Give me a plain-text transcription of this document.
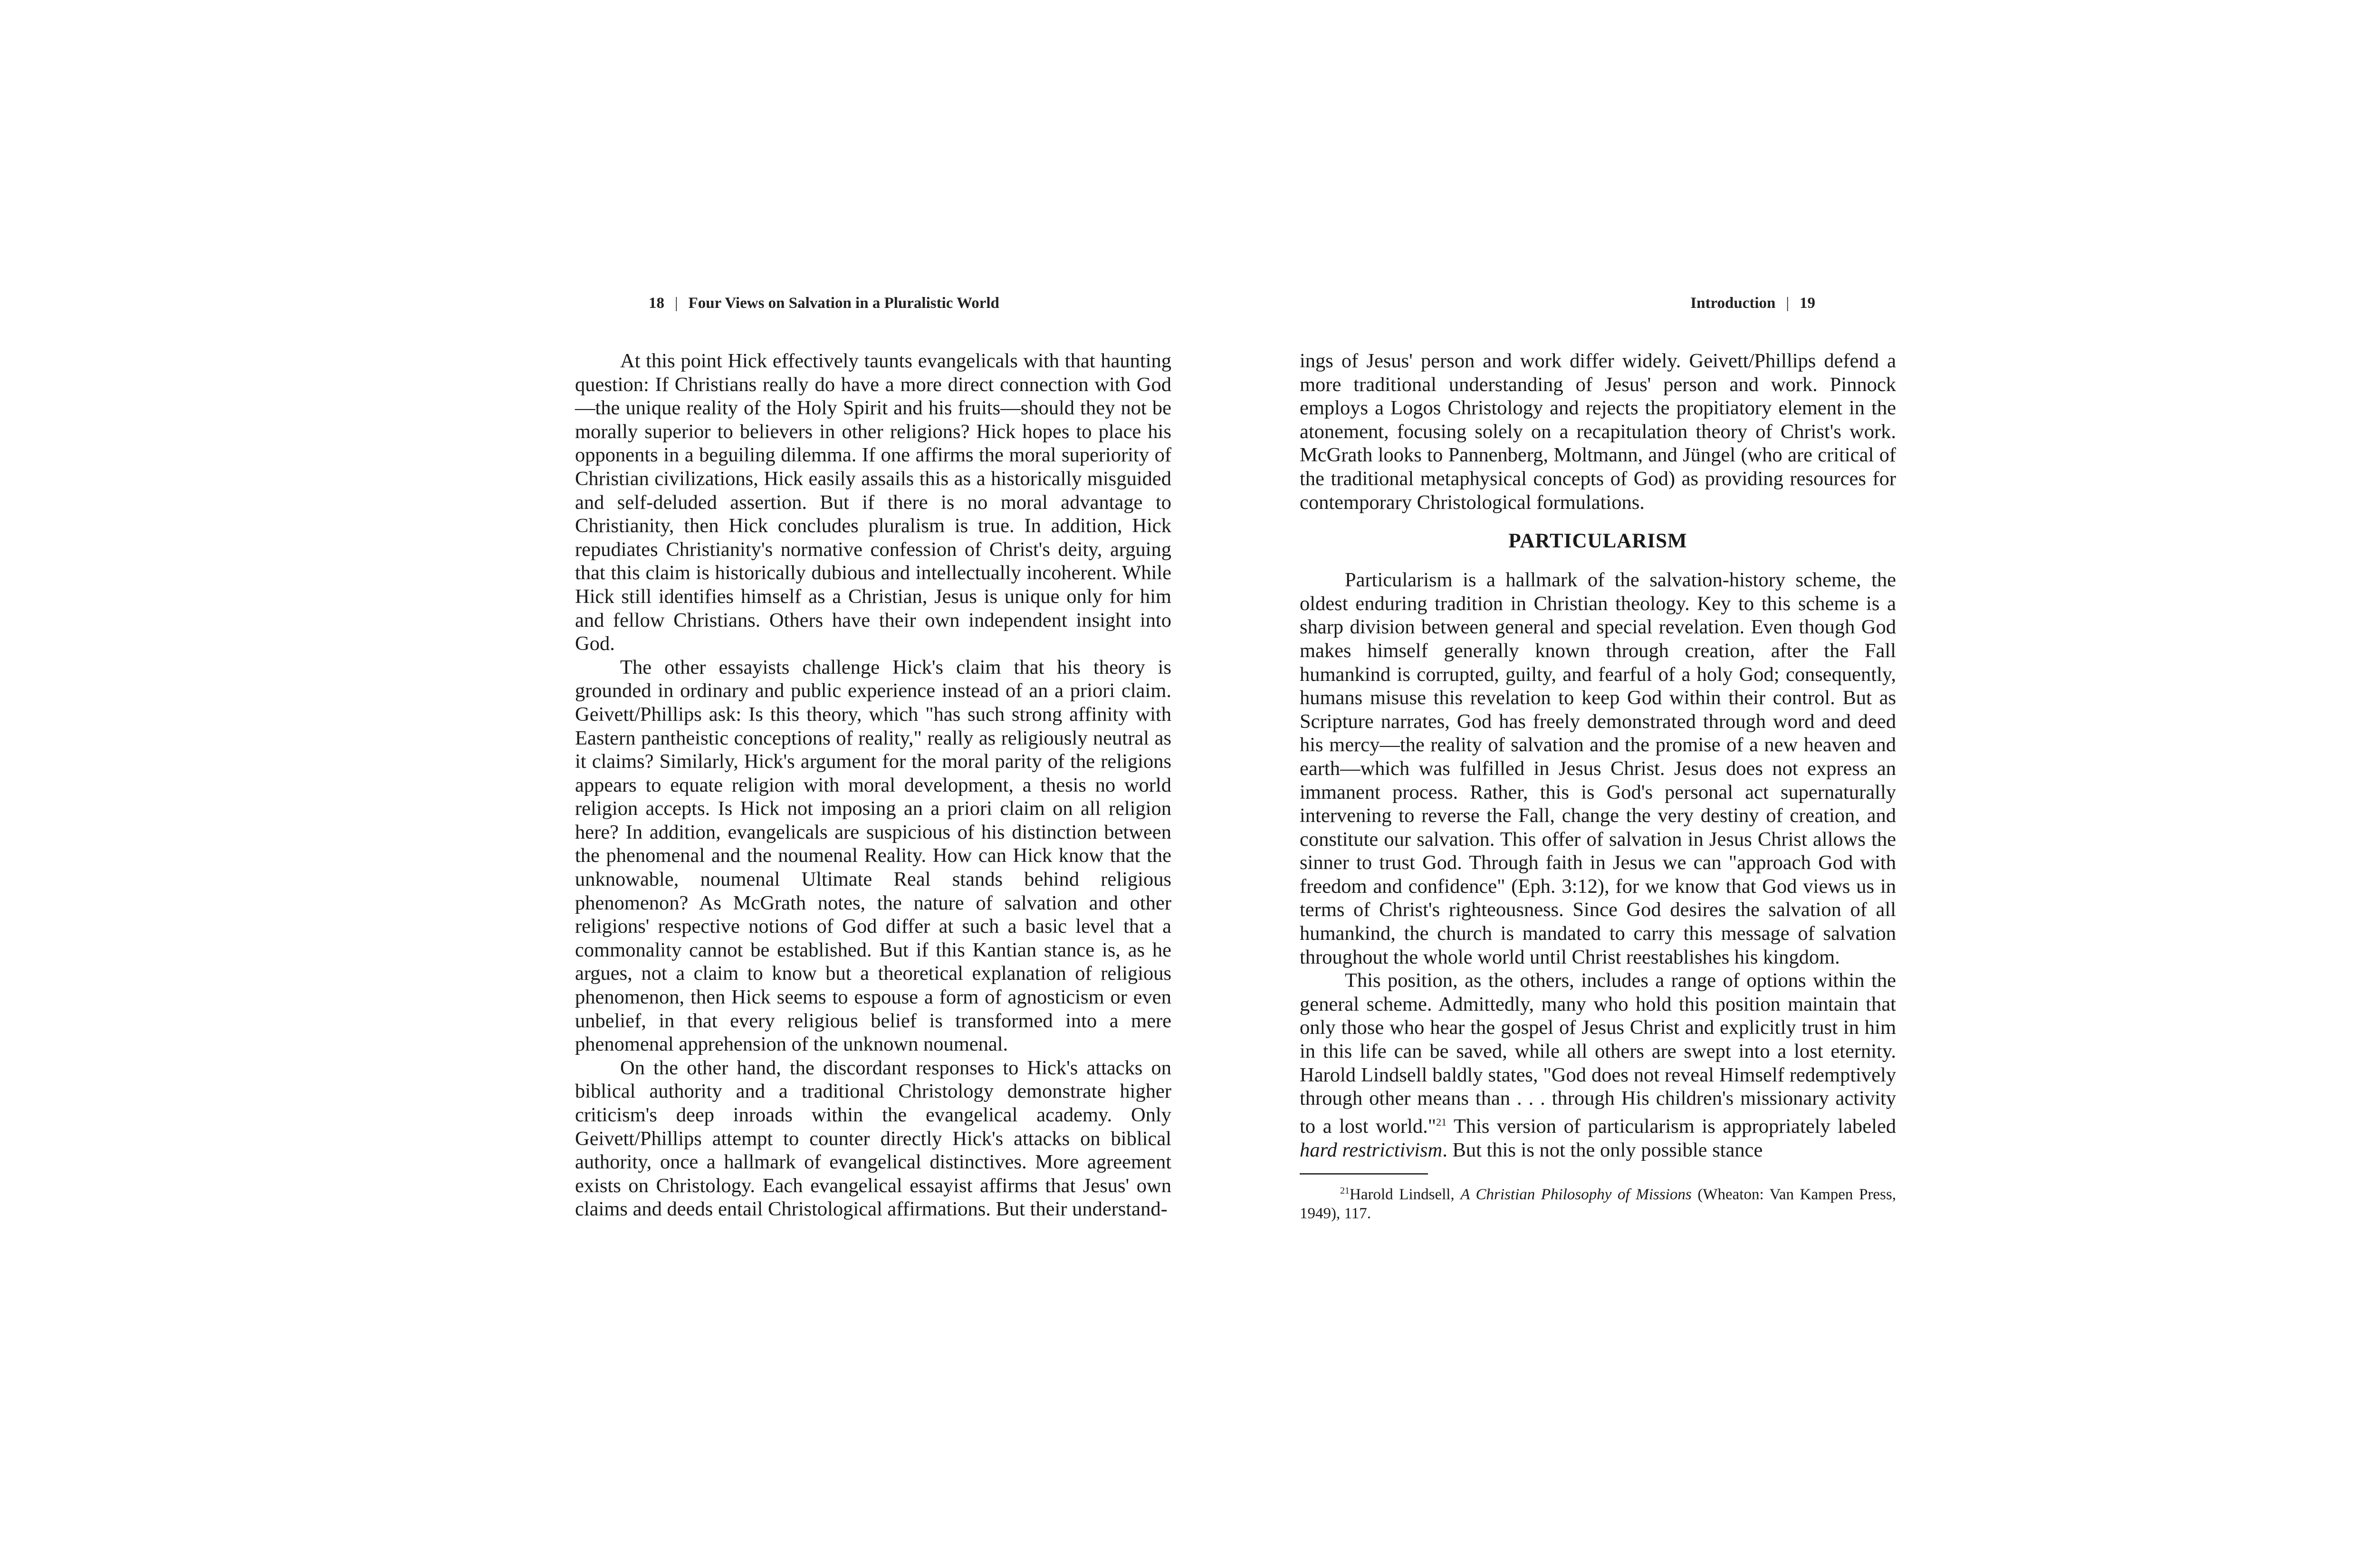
18 | Four Views on Salvation in a Pluralistic World

At this point Hick effectively taunts evangelicals with that haunting question: If Christians really do have a more direct connection with God—the unique reality of the Holy Spirit and his fruits—should they not be morally superior to believers in other religions? Hick hopes to place his opponents in a beguiling dilemma. If one affirms the moral superiority of Christian civilizations, Hick easily assails this as a historically misguided and self-deluded assertion. But if there is no moral advantage to Christianity, then Hick concludes pluralism is true. In addition, Hick repudiates Christianity's normative confession of Christ's deity, arguing that this claim is historically dubious and intellectually incoherent. While Hick still identifies himself as a Christian, Jesus is unique only for him and fellow Christians. Others have their own independent insight into God.

The other essayists challenge Hick's claim that his theory is grounded in ordinary and public experience instead of an a priori claim. Geivett/Phillips ask: Is this theory, which "has such strong affinity with Eastern pantheistic conceptions of reality," really as religiously neutral as it claims? Similarly, Hick's argument for the moral parity of the religions appears to equate religion with moral development, a thesis no world religion accepts. Is Hick not imposing an a priori claim on all religion here? In addition, evangelicals are suspicious of his distinction between the phenomenal and the noumenal Reality. How can Hick know that the unknowable, noumenal Ultimate Real stands behind religious phenomenon? As McGrath notes, the nature of salvation and other religions' respective notions of God differ at such a basic level that a commonality cannot be established. But if this Kantian stance is, as he argues, not a claim to know but a theoretical explanation of religious phenomenon, then Hick seems to espouse a form of agnosticism or even unbelief, in that every religious belief is transformed into a mere phenomenal apprehension of the unknown noumenal.

On the other hand, the discordant responses to Hick's attacks on biblical authority and a traditional Christology demonstrate higher criticism's deep inroads within the evangelical academy. Only Geivett/Phillips attempt to counter directly Hick's attacks on biblical authority, once a hallmark of evangelical distinctives. More agreement exists on Christology. Each evangelical essayist affirms that Jesus' own claims and deeds entail Christological affirmations. But their understand-

Introduction | 19

ings of Jesus' person and work differ widely. Geivett/Phillips defend a more traditional understanding of Jesus' person and work. Pinnock employs a Logos Christology and rejects the propitiatory element in the atonement, focusing solely on a recapitulation theory of Christ's work. McGrath looks to Pannenberg, Moltmann, and Jüngel (who are critical of the traditional metaphysical concepts of God) as providing resources for contemporary Christological formulations.

PARTICULARISM

Particularism is a hallmark of the salvation-history scheme, the oldest enduring tradition in Christian theology. Key to this scheme is a sharp division between general and special revelation. Even though God makes himself generally known through creation, after the Fall humankind is corrupted, guilty, and fearful of a holy God; consequently, humans misuse this revelation to keep God within their control. But as Scripture narrates, God has freely demonstrated through word and deed his mercy—the reality of salvation and the promise of a new heaven and earth—which was fulfilled in Jesus Christ. Jesus does not express an immanent process. Rather, this is God's personal act supernaturally intervening to reverse the Fall, change the very destiny of creation, and constitute our salvation. This offer of salvation in Jesus Christ allows the sinner to trust God. Through faith in Jesus we can "approach God with freedom and confidence" (Eph. 3:12), for we know that God views us in terms of Christ's righteousness. Since God desires the salvation of all humankind, the church is mandated to carry this message of salvation throughout the whole world until Christ reestablishes his kingdom.

This position, as the others, includes a range of options within the general scheme. Admittedly, many who hold this position maintain that only those who hear the gospel of Jesus Christ and explicitly trust in him in this life can be saved, while all others are swept into a lost eternity. Harold Lindsell baldly states, "God does not reveal Himself redemptively through other means than . . . through His children's missionary activity to a lost world."$^{21}$ This version of particularism is appropriately labeled hard restrictivism. But this is not the only possible stance

$^{21}$Harold Lindsell, A Christian Philosophy of Missions (Wheaton: Van Kampen Press, 1949), 117.
